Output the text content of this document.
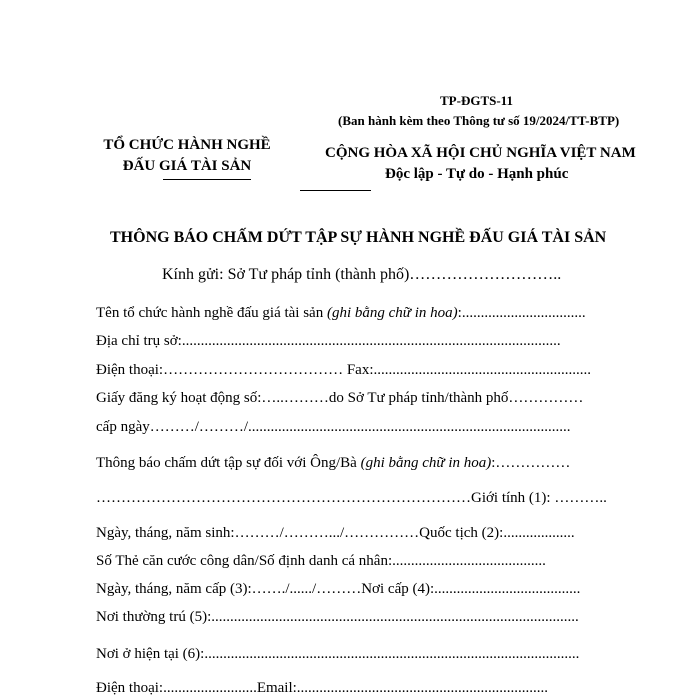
TP-ĐGTS-11
(Ban hành kèm theo Thông tư số 19/2024/TT-BTP)
TỔ CHỨC HÀNH NGHỀ
ĐẤU GIÁ TÀI SẢN
CỘNG HÒA XÃ HỘI CHỦ NGHĨA VIỆT NAM
Độc lập - Tự do - Hạnh phúc
THÔNG BÁO CHẤM DỨT TẬP SỰ HÀNH NGHỀ ĐẤU GIÁ TÀI SẢN
Kính gửi: Sở Tư pháp tỉnh (thành phố)………………………..
Tên tổ chức hành nghề đấu giá tài sản (ghi bằng chữ in hoa):.................................
Địa chỉ trụ sở:.....................................................................................................
Điện thoại:……………………………… Fax:..........................................................
Giấy đăng ký hoạt động số:…..………do Sở Tư pháp tỉnh/thành phố……………
cấp ngày………/………/......................................................................................
Thông báo chấm dứt tập sự đối với Ông/Bà (ghi bằng chữ in hoa):……………
…………………………………………………………………Giới tính (1): ………..
Ngày, tháng, năm sinh:………/……….../……………Quốc tịch (2):...................
Số Thẻ căn cước công dân/Số định danh cá nhân:.........................................
Ngày, tháng, năm cấp (3):……./....../………Nơi cấp (4):.......................................
Nơi thường trú (5):..................................................................................................
Nơi ở hiện tại (6):....................................................................................................
Điện thoại:.........................Email:...................................................................
